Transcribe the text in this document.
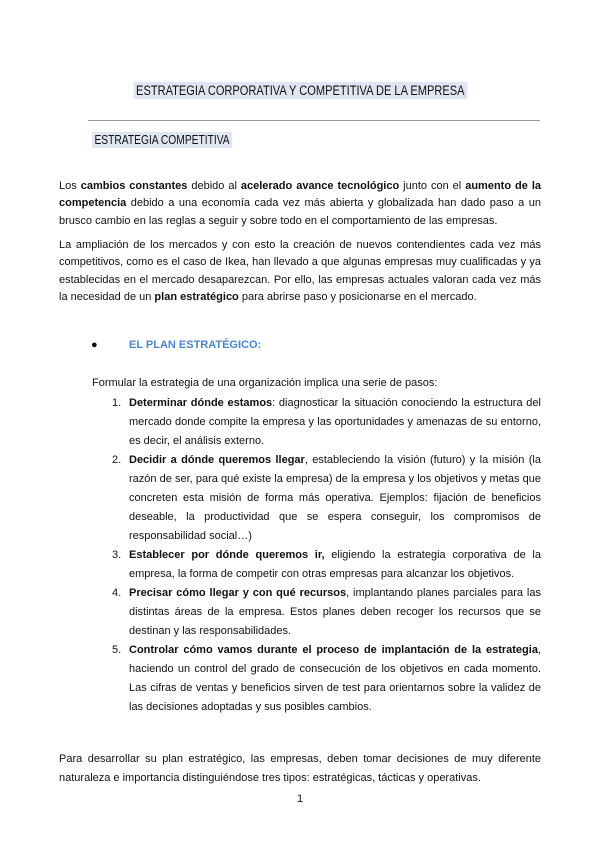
ESTRATEGIA CORPORATIVA Y COMPETITIVA DE LA EMPRESA
ESTRATEGIA COMPETITIVA

Los cambios constantes debido al acelerado avance tecnológico junto con el aumento de la competencia debido a una economía cada vez más abierta y globalizada han dado paso a un brusco cambio en las reglas a seguir y sobre todo en el comportamiento de las empresas.

La ampliación de los mercados y con esto la creación de nuevos contendientes cada vez más competitivos, como es el caso de Ikea, han llevado a que algunas empresas muy cualificadas y ya establecidas en el mercado desaparezcan. Por ello, las empresas actuales valoran cada vez más la necesidad de un plan estratégico para abrirse paso y posicionarse en el mercado.

●	EL PLAN ESTRATÉGICO:
Formular la estrategia de una organización implica una serie de pasos:
1. Determinar dónde estamos: diagnosticar la situación conociendo la estructura del mercado donde compite la empresa y las oportunidades y amenazas de su entorno, es decir, el análisis externo.
2. Decidir a dónde queremos llegar, estableciendo la visión (futuro) y la misión (la razón de ser, para qué existe la empresa) de la empresa y los objetivos y metas que concreten esta misión de forma más operativa. Ejemplos: fijación de beneficios deseable, la productividad que se espera conseguir, los compromisos de responsabilidad social…)
3. Establecer por dónde queremos ir, eligiendo la estrategia corporativa de la empresa, la forma de competir con otras empresas para alcanzar los objetivos.
4. Precisar cómo llegar y con qué recursos, implantando planes parciales para las distintas áreas de la empresa. Estos planes deben recoger los recursos que se destinan y las responsabilidades.
5. Controlar cómo vamos durante el proceso de implantación de la estrategia, haciendo un control del grado de consecución de los objetivos en cada momento. Las cifras de ventas y beneficios sirven de test para orientarnos sobre la validez de las decisiones adoptadas y sus posibles cambios.

Para desarrollar su plan estratégico, las empresas, deben tomar decisiones de muy diferente naturaleza e importancia distinguiéndose tres tipos: estratégicas, tácticas y operativas.

1
